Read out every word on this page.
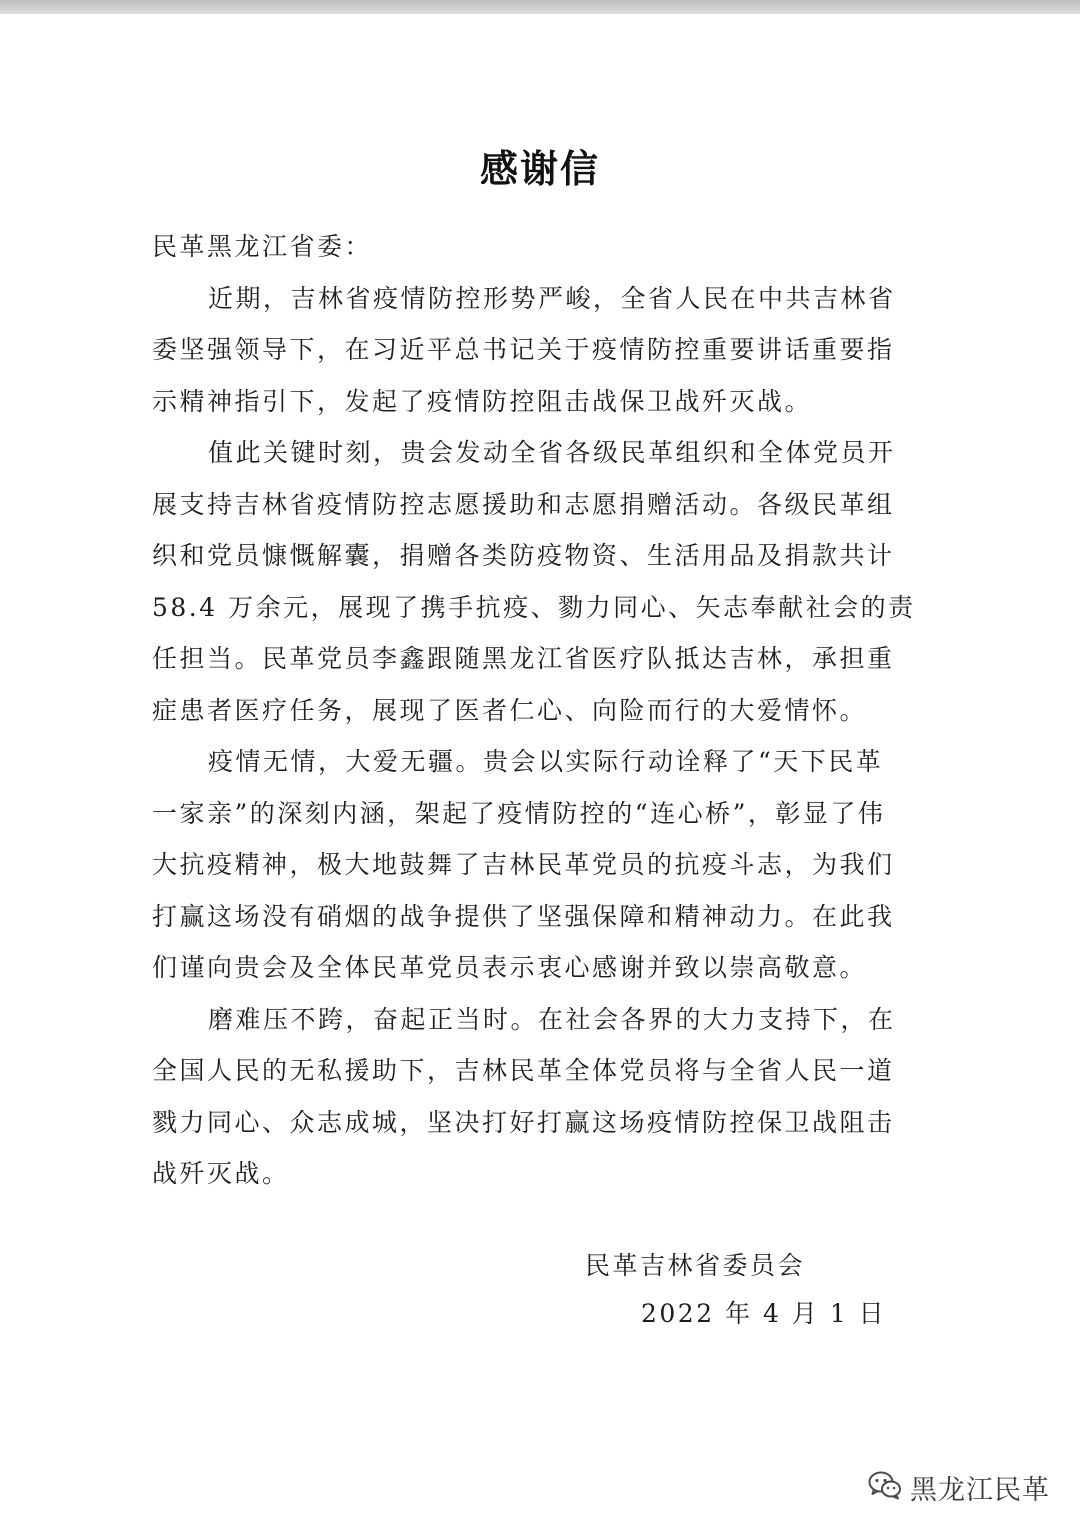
感谢信
民革黑龙江省委：
近期，吉林省疫情防控形势严峻，全省人民在中共吉林省
委坚强领导下，在习近平总书记关于疫情防控重要讲话重要指
示精神指引下，发起了疫情防控阻击战保卫战歼灭战。
值此关键时刻，贵会发动全省各级民革组织和全体党员开
展支持吉林省疫情防控志愿援助和志愿捐赠活动。各级民革组
织和党员慷慨解囊，捐赠各类防疫物资、生活用品及捐款共计
58.4 万余元，展现了携手抗疫、勠力同心、矢志奉献社会的责
任担当。民革党员李鑫跟随黑龙江省医疗队抵达吉林，承担重
症患者医疗任务，展现了医者仁心、向险而行的大爱情怀。
疫情无情，大爱无疆。贵会以实际行动诠释了“天下民革
一家亲”的深刻内涵，架起了疫情防控的“连心桥”，彰显了伟
大抗疫精神，极大地鼓舞了吉林民革党员的抗疫斗志，为我们
打赢这场没有硝烟的战争提供了坚强保障和精神动力。在此我
们谨向贵会及全体民革党员表示衷心感谢并致以崇高敬意。
磨难压不跨，奋起正当时。在社会各界的大力支持下，在
全国人民的无私援助下，吉林民革全体党员将与全省人民一道
戮力同心、众志成城，坚决打好打赢这场疫情防控保卫战阻击
战歼灭战。
民革吉林省委员会
2022 年 4 月 1 日
黑龙江民革
